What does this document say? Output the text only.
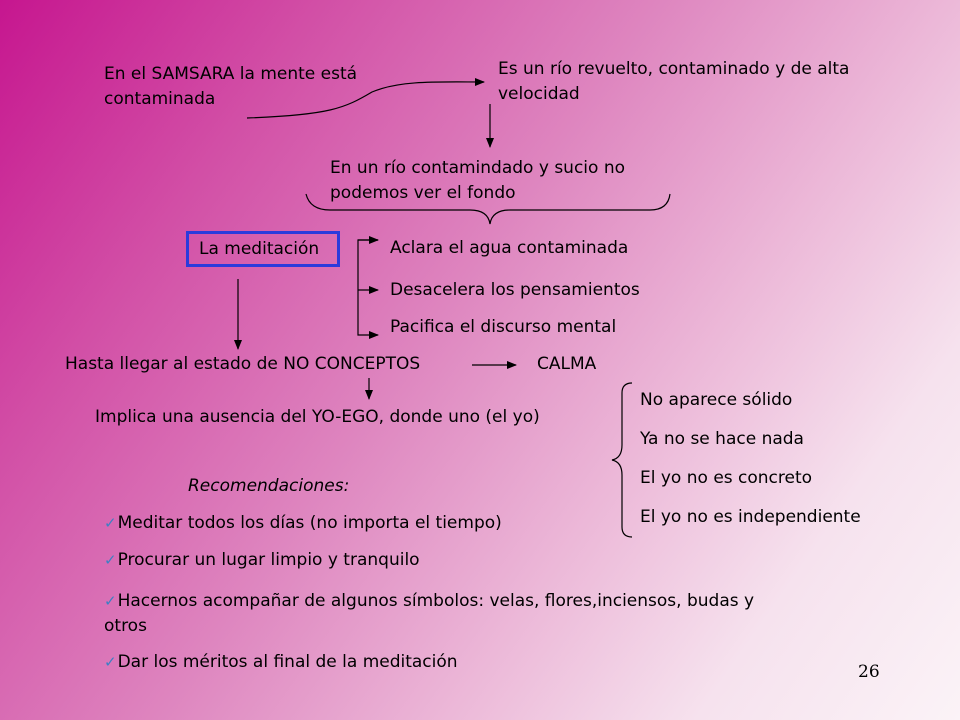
En el SAMSARA la mente está contaminada

Es un río revuelto, contaminado y de alta velocidad

En un río contamindado y sucio no podemos ver el fondo

La meditación	Aclara el agua contaminada

Desacelera los pensamientos

Pacifica el discurso mental

Hasta llegar al estado de NO CONCEPTOS	CALMA

Implica una ausencia del YO-EGO, donde uno (el yo)

No aparece sólido

Ya no se hace nada

El yo no es concreto

El yo no es independiente

Recomendaciones:

✓Meditar todos los días (no importa el tiempo)

✓Procurar un lugar limpio y tranquilo

✓Hacernos acompañar de algunos símbolos: velas, flores,inciensos, budas y otros

✓Dar los méritos al final de la meditación	26
